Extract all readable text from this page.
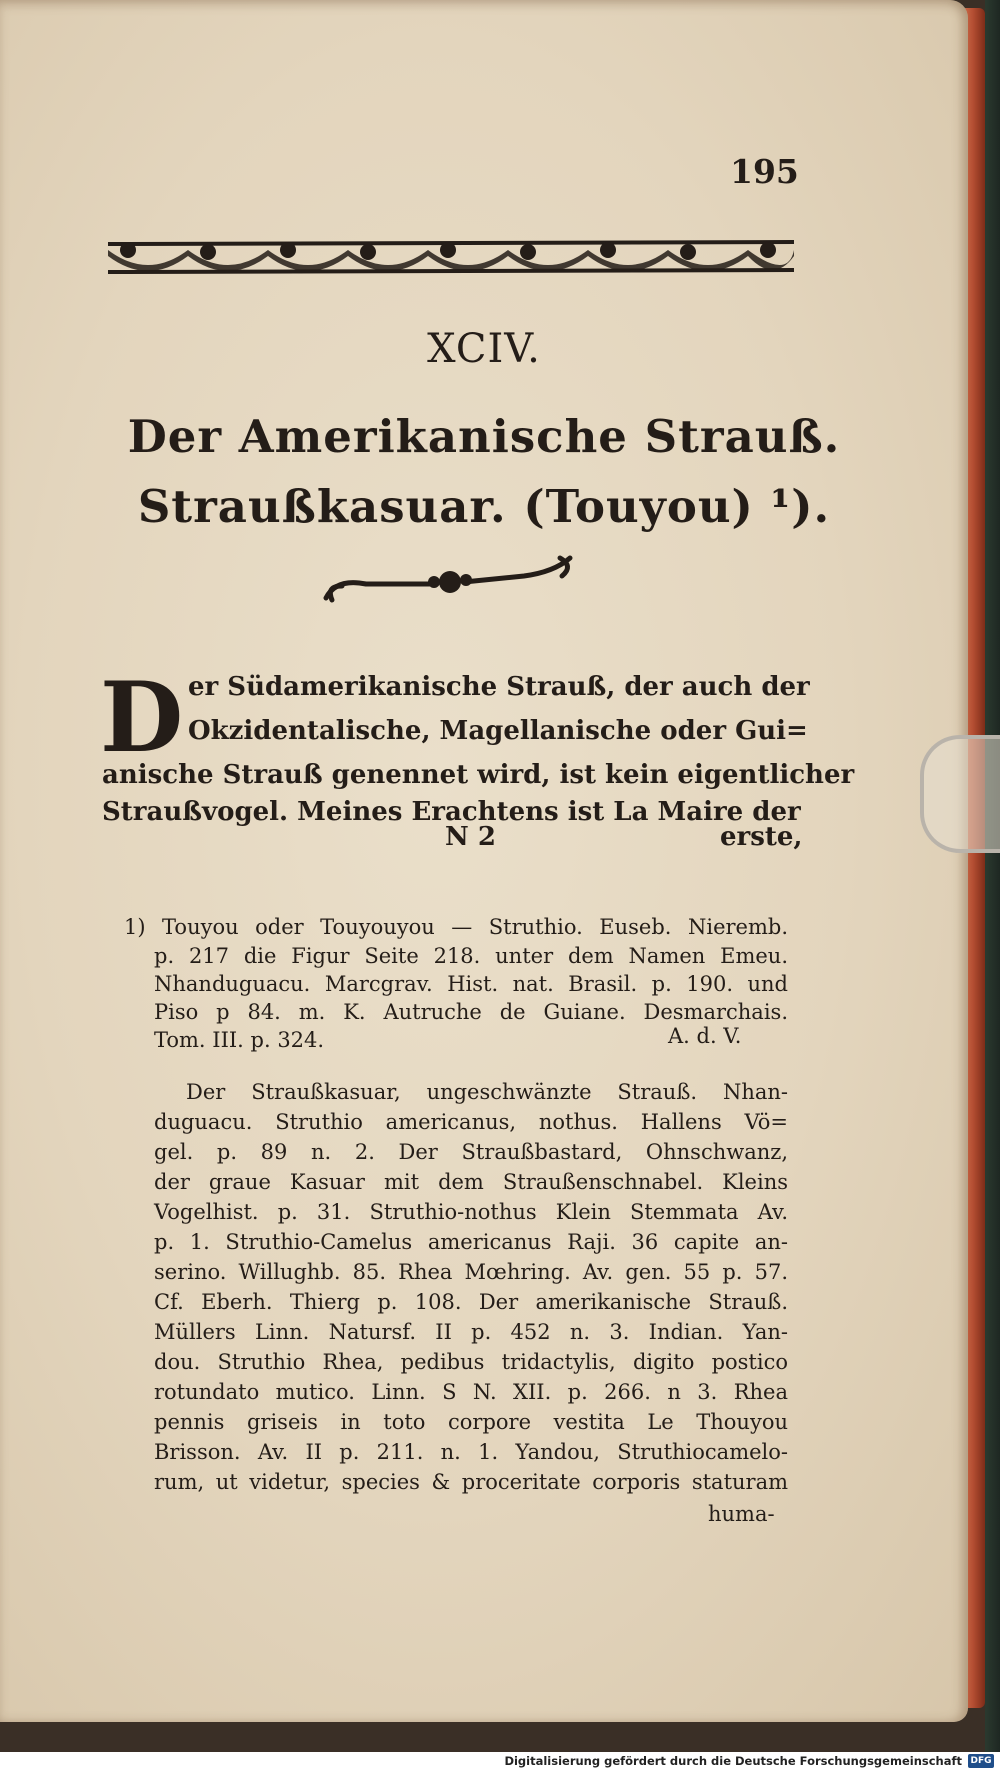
195
XCIV.
Der Amerikanische Strauß.
Straußkasuar. (Touyou) ¹).
D er Südamerikanische Strauß, der auch der
Okzidentalische, Magellanische oder Gui=
anische Strauß genennet wird, ist kein eigentlicher
Straußvogel. Meines Erachtens ist La Maire der
N 2	erste,
1) Touyou oder Touyouyou — Struthio. Euseb. Nieremb.
p. 217 die Figur Seite 218. unter dem Namen Emeu.
Nhanduguacu. Marcgrav. Hist. nat. Brasil. p. 190. und
Piso p 84. m. K. Autruche de Guiane. Desmarchais.
Tom. III. p. 324.	A. d. V.
Der Straußkasuar, ungeschwänzte Strauß. Nhan-
duguacu. Struthio americanus, nothus. Hallens Vö=
gel. p. 89 n. 2. Der Straußbastard, Ohnschwanz,
der graue Kasuar mit dem Straußenschnabel. Kleins
Vogelhist. p. 31. Struthio-nothus Klein Stemmata Av.
p. 1. Struthio-Camelus americanus Raji. 36 capite an-
serino. Willughb. 85. Rhea Mœhring. Av. gen. 55 p. 57.
Cf. Eberh. Thierg p. 108. Der amerikanische Strauß.
Müllers Linn. Natursf. II p. 452 n. 3. Indian. Yan-
dou. Struthio Rhea, pedibus tridactylis, digito postico
rotundato mutico. Linn. S N. XII. p. 266. n 3. Rhea
pennis griseis in toto corpore vestita Le Thouyou
Brisson. Av. II p. 211. n. 1. Yandou, Struthiocamelo-
rum, ut videtur, species & proceritate corporis staturam
huma-
Digitalisierung gefördert durch die Deutsche Forschungsgemeinschaft DFG
